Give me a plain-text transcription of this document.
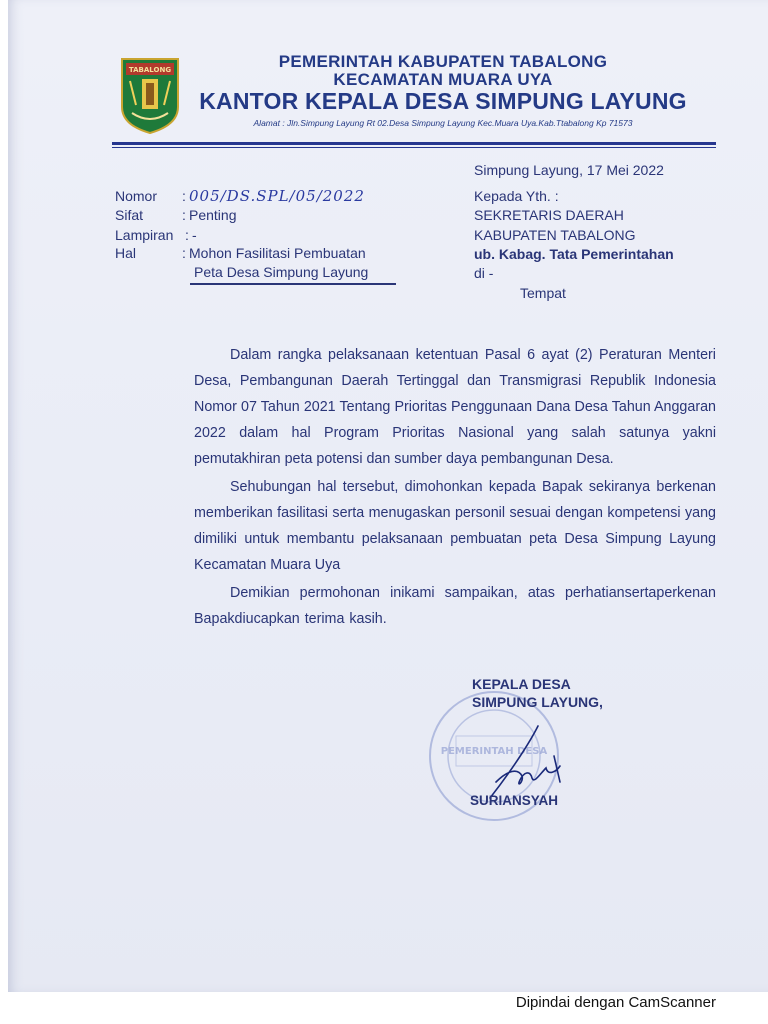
TABALONG	PEMERINTAH KABUPATEN TABALONG
KECAMATAN MUARA UYA
KANTOR KEPALA DESA SIMPUNG LAYUNG
Alamat : Jln.Simpung Layung Rt 02.Desa Simpung Layung Kec.Muara Uya.Kab.Ttabalong Kp 71573
Simpung Layung, 17 Mei 2022
Kepada Yth. :
SEKRETARIS DAERAH
KABUPATEN TABALONG
ub. Kabag. Tata Pemerintahan
di -
Tempat
Nomor : 005/DS.SPL/05/2022
Sifat	: Penting
Lampiran : -
Hal	: Mohon Fasilitasi Pembuatan
Peta Desa Simpung Layung

Dalam rangka pelaksanaan ketentuan Pasal 6 ayat (2) Peraturan Menteri Desa, Pembangunan Daerah Tertinggal dan Transmigrasi Republik Indonesia Nomor 07 Tahun 2021 Tentang Prioritas Penggunaan Dana Desa Tahun Anggaran 2022 dalam hal Program Prioritas Nasional yang salah satunya yakni pemutakhiran peta potensi dan sumber daya pembangunan Desa.

Sehubungan hal tersebut, dimohonkan kepada Bapak sekiranya berkenan memberikan fasilitasi serta menugaskan personil sesuai dengan kompetensi yang dimiliki untuk membantu pelaksanaan pembuatan peta Desa Simpung Layung Kecamatan Muara Uya

Demikian permohonan inikami sampaikan, atas perhatiansertaperkenan Bapakdiucapkan terima kasih.

PEMERINTAH DESA
KEPALA DESA
SIMPUNG LAYUNG,
SURIANSYAH
Dipindai dengan CamScanner
